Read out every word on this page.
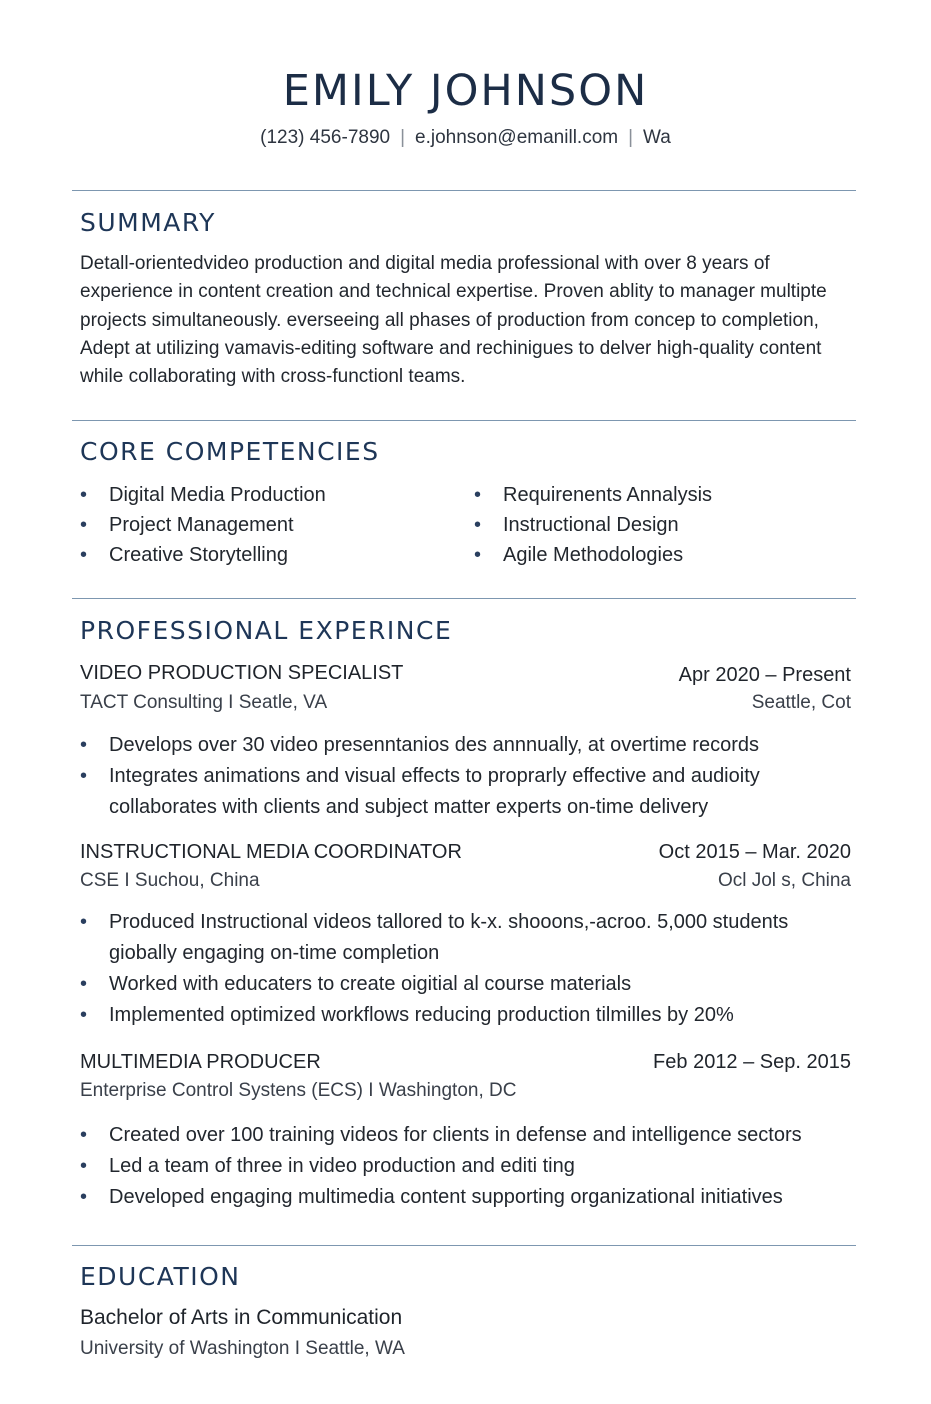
EMILY JOHNSON
(123) 456-7890 | e.johnson@emanill.com | Wa
SUMMARY
Detall-orientedvideo production and digital media professional with over 8 years of experience in content creation and technical expertise. Proven ablity to manager multipte projects simultaneously. everseeing all phases of production from concep to completion, Adept at utilizing vamavis-editing software and rechinigues to delver high-quality content while collaborating with cross-functionl teams.
CORE COMPETENCIES
• Digital Media Production
• Project Management
• Creative Storytelling
• Requirenents Annalysis
• Instructional Design
• Agile Methodologies
PROFESSIONAL EXPERINCE
VIDEO PRODUCTION SPECIALIST	Apr 2020 – Present
TACT Consulting I Seatle, VA	Seattle, Cot
• Develops over 30 video presenntanios des annnually, at overtime records
• Integrates animations and visual effects to proprarly effective and audioity collaborates with clients and subject matter experts on-time delivery
INSTRUCTIONAL MEDIA COORDINATOR	Oct 2015 – Mar. 2020
CSE I Suchou, China	Ocl Jol s, China
• Produced Instructional videos tallored to k-x. shooons,-acroo. 5,000 students giobally engaging on-time completion
• Worked with educaters to create oigitial al course materials
• Implemented optimized workflows reducing production tilmilles by 20%
MULTIMEDIA PRODUCER	Feb 2012 – Sep. 2015
Enterprise Control Systens (ECS) I Washington, DC
• Created over 100 training videos for clients in defense and intelligence sectors
• Led a team of three in video production and editi ting
• Developed engaging multimedia content supporting organizational initiatives
EDUCATION
Bachelor of Arts in Communication
University of Washington I Seattle, WA
